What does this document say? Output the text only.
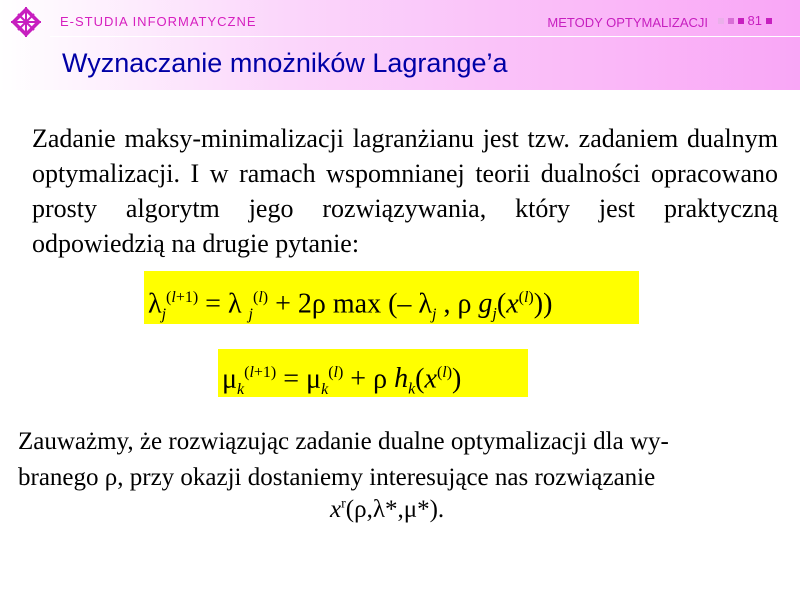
E-STUDIA INFORMATYCZNE	METODY OPTYMALIZACJI	81
Wyznaczanie mnożników Lagrange’a
Zadanie maksy-minimalizacji lagranżianu jest tzw. zadaniem dualnym optymalizacji. I w ramach wspomnianej teorii dualności opracowano prosty algorytm jego rozwiązywania, który jest praktyczną odpowiedzią na drugie pytanie:
$\lambda_j^{(l+1)} = \lambda$ $_j^{(l)}$ + 2ρ max (– $\lambda_j$ , ρ $g_j(x^{(l)})$)
$\mu_k^{(l+1)} = \mu_k^{(l)} + \rho$ $h_k(x^{(l)})$
Zauważmy, że rozwiązując zadanie dualne optymalizacji dla wy-
branego ρ, przy okazji dostaniemy interesujące nas rozwiązanie
$x^r(\rho,\lambda*,\mu*)$.
